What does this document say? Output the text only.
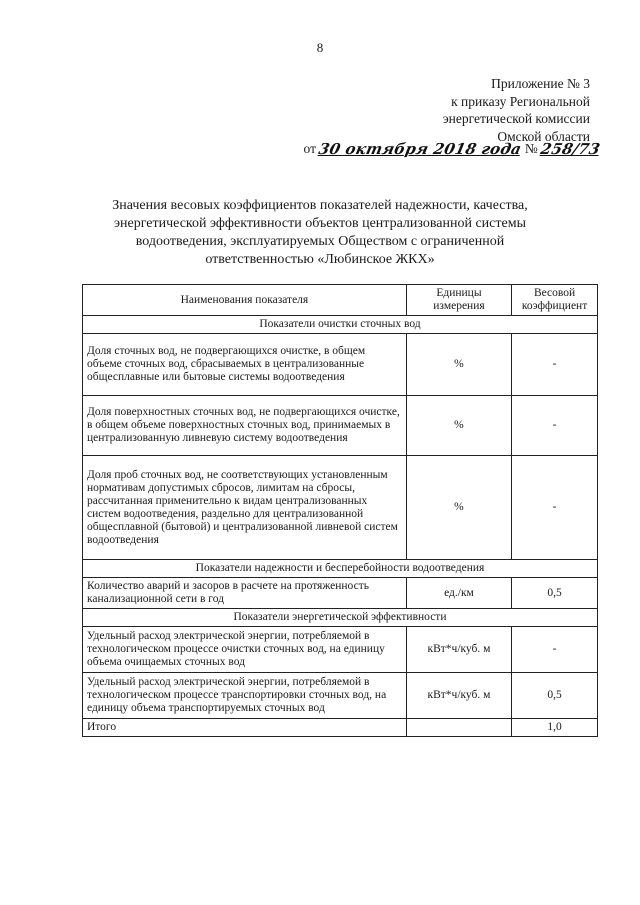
8
Приложение № 3
к приказу Региональной
энергетической комиссии
Омской области
от 30 октября 2018 года № 258/73
Значения весовых коэффициентов показателей надежности, качества,
энергетической эффективности объектов централизованной системы
водоотведения, эксплуатируемых Обществом с ограниченной
ответственностью «Любинское ЖКХ»
Наименования показателя	Единицы измерения	Весовой коэффициент
Показатели очистки сточных вод		
Доля сточных вод, не подвергающихся очистке, в общем объеме сточных вод, сбрасываемых в централизованные общесплавные или бытовые системы водоотведения	%	-
Доля поверхностных сточных вод, не подвергающихся очистке, в общем объеме поверхностных сточных вод, принимаемых в централизованную ливневую систему водоотведения	%	-
Доля проб сточных вод, не соответствующих установленным нормативам допустимых сбросов, лимитам на сбросы, рассчитанная применительно к видам централизованных систем водоотведения, раздельно для централизованной общесплавной (бытовой) и централизованной ливневой систем водоотведения	%	-
Показатели надежности и бесперебойности водоотведения		
Количество аварий и засоров в расчете на протяженность канализационной сети в год	ед./км	0,5
Показатели энергетической эффективности		
Удельный расход электрической энергии, потребляемой в технологическом процессе очистки сточных вод, на единицу объема очищаемых сточных вод	кВт*ч/куб. м	-
Удельный расход электрической энергии, потребляемой в технологическом процессе транспортировки сточных вод, на единицу объема транспортируемых сточных вод	кВт*ч/куб. м	0,5
Итого		1,0
